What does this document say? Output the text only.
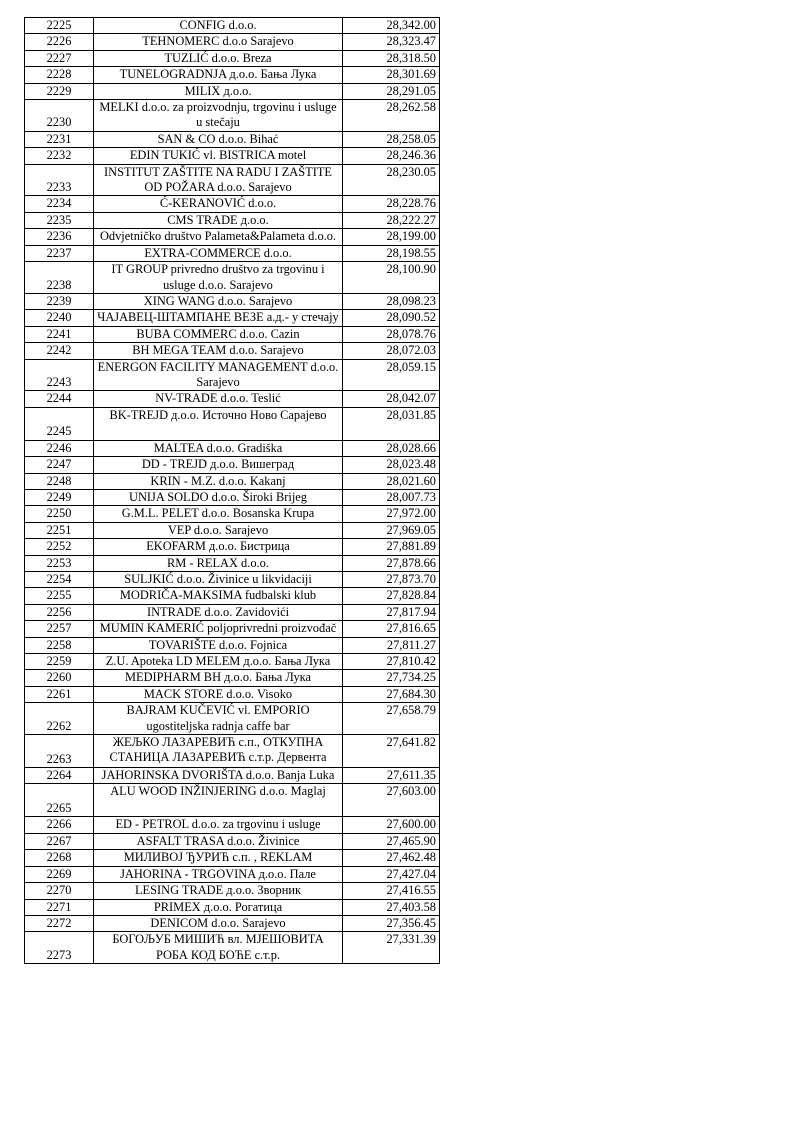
2225	CONFIG d.o.o.	28,342.00
2226	TEHNOMERC d.o.o Sarajevo	28,323.47
2227	TUZLIĆ d.o.o. Breza	28,318.50
2228	TUNELOGRADNJA д.о.о. Бања Лука	28,301.69
2229	MILIX д.о.о.	28,291.05
2230	MELKI d.o.o. za proizvodnju, trgovinu i usluge u stečaju	28,262.58
2231	SAN & CO d.o.o. Bihać	28,258.05
2232	EDIN TUKIĆ vl. BISTRICA motel	28,246.36
2233	INSTITUT ZAŠTITE NA RADU I ZAŠTITE OD POŽARA d.o.o. Sarajevo	28,230.05
2234	Ć-KERANOVIĆ d.o.o.	28,228.76
2235	CMS TRADE д.о.о.	28,222.27
2236	Odvjetničko društvo Palameta&Palameta d.o.o.	28,199.00
2237	EXTRA-COMMERCE d.o.o.	28,198.55
2238	IT GROUP privredno društvo za trgovinu i usluge d.o.o. Sarajevo	28,100.90
2239	XING WANG d.o.o. Sarajevo	28,098.23
2240	ЧАЈАВЕЦ-ШТАМПАНЕ ВЕЗЕ а.д.- у стечају	28,090.52
2241	BUBA COMMERC d.o.o. Cazin	28,078.76
2242	BH MEGA TEAM d.o.o. Sarajevo	28,072.03
2243	ENERGON FACILITY MANAGEMENT d.o.o. Sarajevo	28,059.15
2244	NV-TRADE d.o.o. Teslić	28,042.07
2245	BK-TREJD д.о.о. Источно Ново Сарајево	28,031.85
2246	MALTEA d.o.o. Gradiška	28,028.66
2247	DD - TREJD д.о.о. Вишеград	28,023.48
2248	KRIN - M.Z. d.o.o. Kakanj	28,021.60
2249	UNIJA SOLDO d.o.o. Široki Brijeg	28,007.73
2250	G.M.L. PELET d.o.o. Bosanska Krupa	27,972.00
2251	VEP d.o.o. Sarajevo	27,969.05
2252	EKOFARM д.о.о. Бистрица	27,881.89
2253	RM - RELAX d.o.o.	27,878.66
2254	SULJKIĆ d.o.o. Živinice u likvidaciji	27,873.70
2255	MODRIČA-MAKSIMA fudbalski klub	27,828.84
2256	INTRADE d.o.o. Zavidovići	27,817.94
2257	MUMIN KAMERIĆ poljoprivredni proizvođač	27,816.65
2258	TOVARIŠTE d.o.o. Fojnica	27,811.27
2259	Z.U. Apoteka LD MELEM д.о.о. Бања Лука	27,810.42
2260	MEDIPHARM BH д.о.о. Бања Лука	27,734.25
2261	MACK STORE d.o.o. Visoko	27,684.30
2262	BAJRAM KUČEVIĆ vl. EMPORIO ugostiteljska radnja caffe bar	27,658.79
2263	ЖЕЉКО ЛАЗАРЕВИЋ с.п., ОТКУПНА СТАНИЦА ЛАЗАРЕВИЋ с.т.р. Дервента	27,641.82
2264	JAHORINSKA DVORIŠTA d.o.o. Banja Luka	27,611.35
2265	ALU WOOD INŽINJERING d.o.o. Maglaj	27,603.00
2266	ED - PETROL d.o.o. za trgovinu i usluge	27,600.00
2267	ASFALT TRASA d.o.o. Živinice	27,465.90
2268	МИЛИВОЈ ЂУРИЋ с.п. , REKLAM	27,462.48
2269	JAHORINA - TRGOVINA д.о.о. Пале	27,427.04
2270	LESING TRADE д.о.о. Зворник	27,416.55
2271	PRIMEX д.о.о. Рогатица	27,403.58
2272	DENICOM d.o.o. Sarajevo	27,356.45
2273	БОГОЉУБ МИШИЋ вл. МЈЕШОВИТА РОБА КОД БОЋЕ с.т.р.	27,331.39
